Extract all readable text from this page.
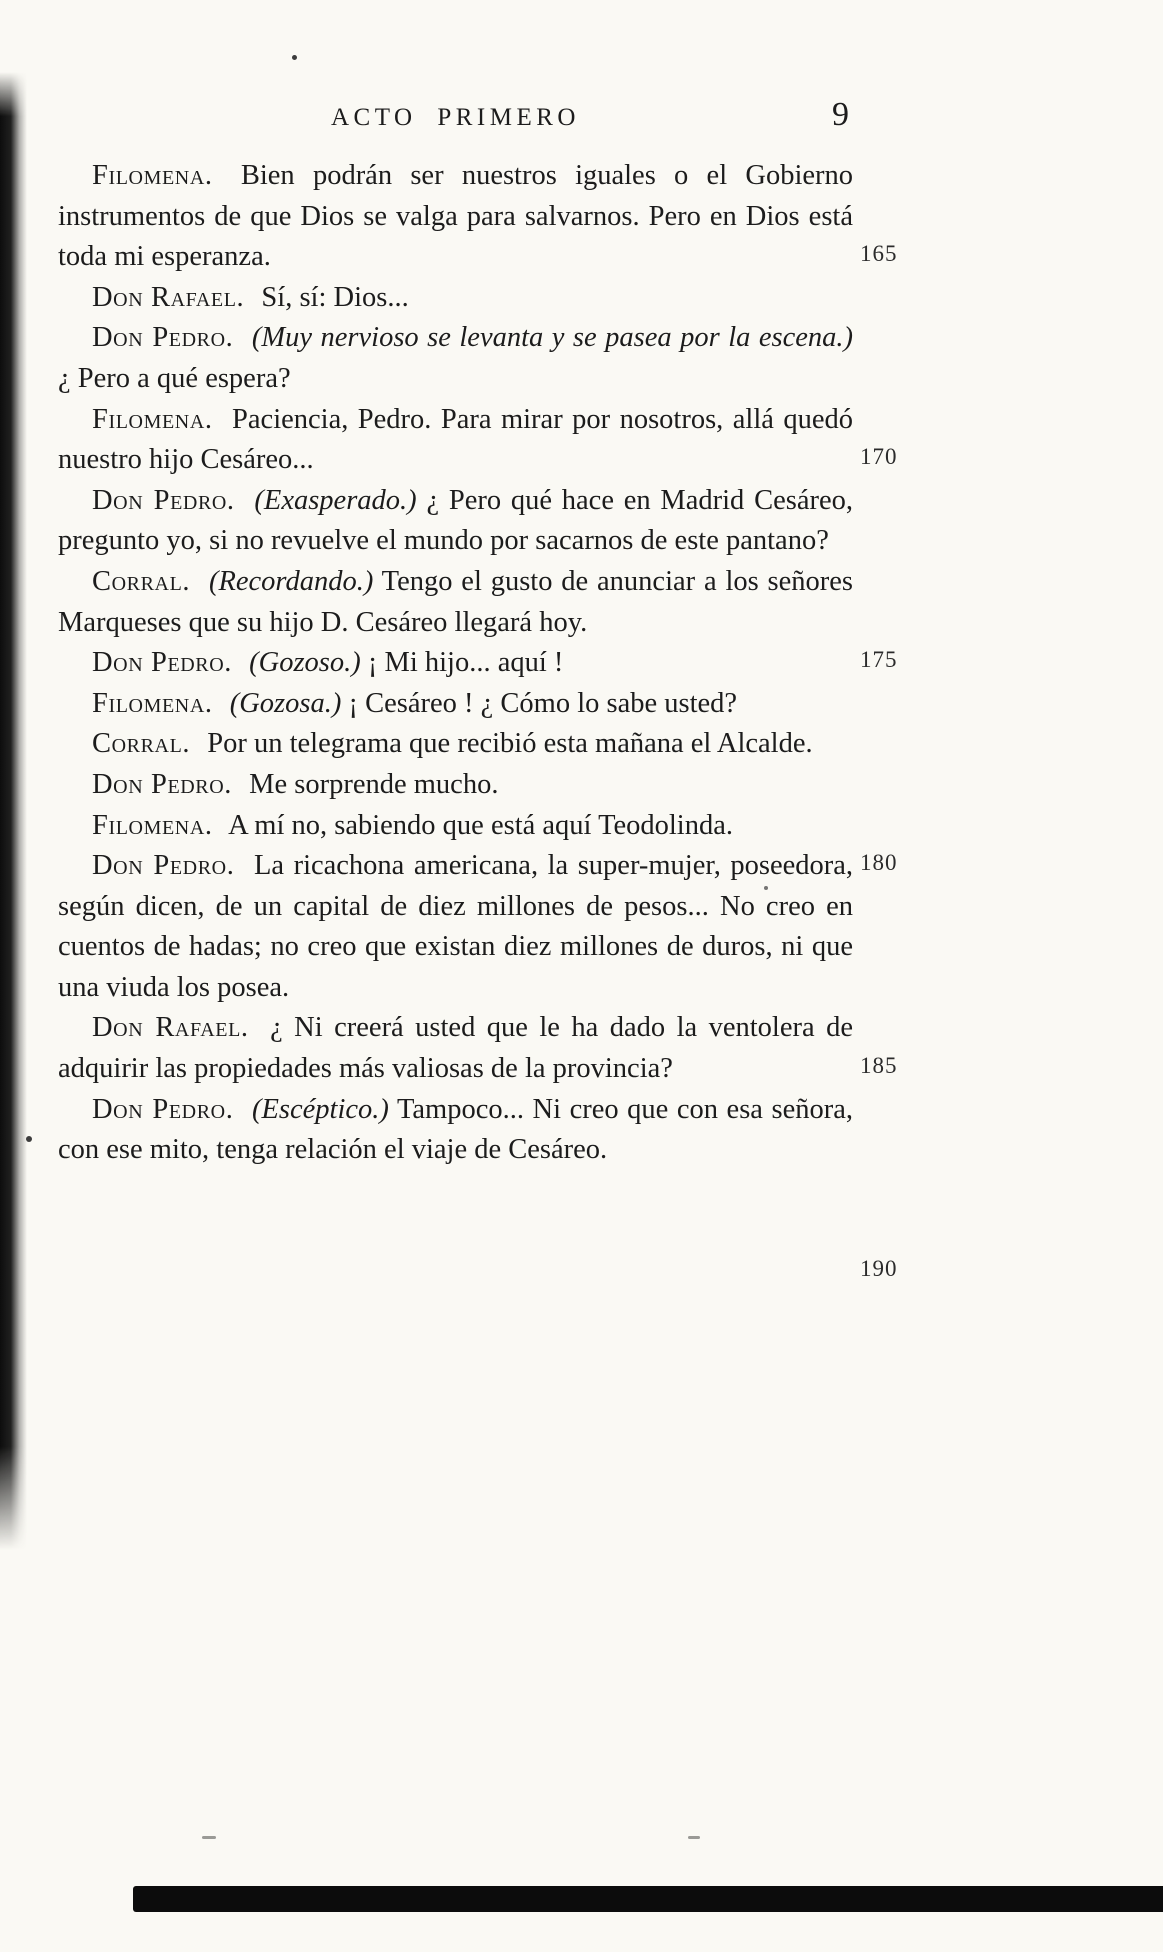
ACTO PRIMERO	9

Filomena. Bien podrán ser nuestros iguales o el Gobierno instrumentos de que Dios se valga para salvarnos. Pero en Dios está toda mi esperanza.

Don Rafael. Sí, sí: Dios...

Don Pedro. (Muy nervioso se levanta y se pasea por la escena.) ¿ Pero a qué espera?

Filomena. Paciencia, Pedro. Para mirar por nosotros, allá quedó nuestro hijo Cesáreo...

Don Pedro. (Exasperado.) ¿ Pero qué hace en Madrid Cesáreo, pregunto yo, si no revuelve el mundo por sacarnos de este pantano?

Corral. (Recordando.) Tengo el gusto de anunciar a los señores Marqueses que su hijo D. Cesáreo llegará hoy.

Don Pedro. (Gozoso.) ¡ Mi hijo... aquí !

Filomena. (Gozosa.) ¡ Cesáreo ! ¿ Cómo lo sabe usted?

Corral. Por un telegrama que recibió esta mañana el Alcalde.

Don Pedro. Me sorprende mucho.

Filomena. A mí no, sabiendo que está aquí Teodolinda.

Don Pedro. La ricachona americana, la super-mujer, poseedora, según dicen, de un capital de diez millones de pesos... No creo en cuentos de hadas; no creo que existan diez millones de duros, ni que una viuda los posea.

Don Rafael. ¿ Ni creerá usted que le ha dado la ventolera de adquirir las propiedades más valiosas de la provincia?

Don Pedro. (Escéptico.) Tampoco... Ni creo que con esa señora, con ese mito, tenga relación el viaje de Cesáreo.

165
170
175
180
185
190
